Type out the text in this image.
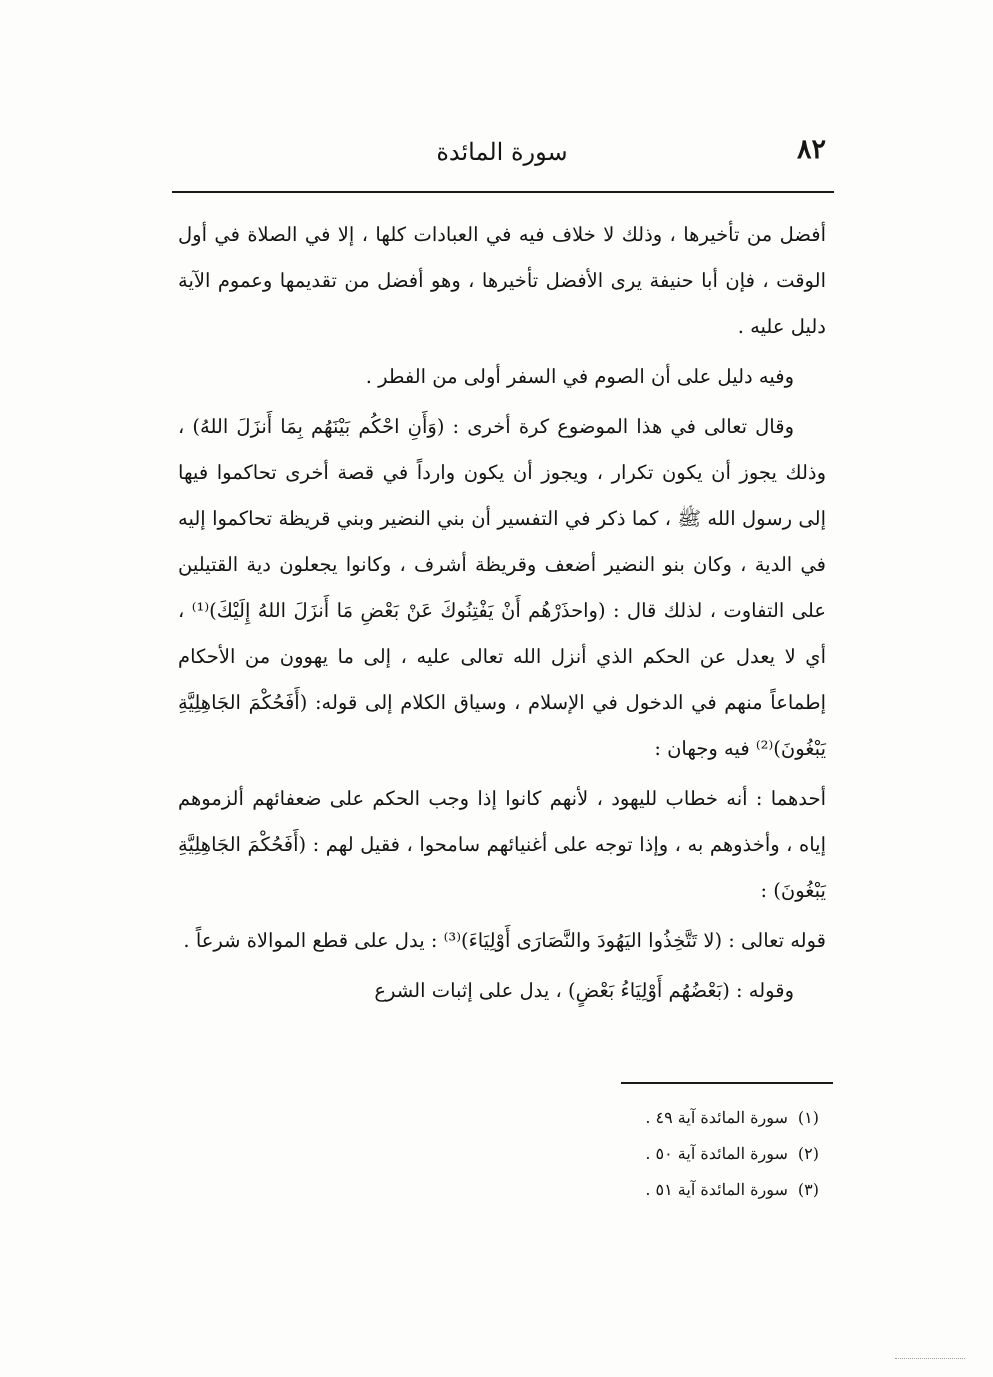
٨٢
سورة المائدة

أفضل من تأخيرها ، وذلك لا خلاف فيه في العبادات كلها ، إلا في الصلاة في أول الوقت ، فإن أبا حنيفة يرى الأفضل تأخيرها ، وهو أفضل من تقديمها وعموم الآية دليل عليه .

وفيه دليل على أن الصوم في السفر أولى من الفطر .

وقال تعالى في هذا الموضوع كرة أخرى : (وَأَنِ احْكُم بَيْنَهُم بِمَا أَنزَلَ اللهُ) ، وذلك يجوز أن يكون تكرار ، ويجوز أن يكون وارداً في قصة أخرى تحاكموا فيها إلى رسول الله ﷺ ، كما ذكر في التفسير أن بني النضير وبني قريظة تحاكموا إليه في الدية ، وكان بنو النضير أضعف وقريظة أشرف ، وكانوا يجعلون دية القتيلين على التفاوت ، لذلك قال : (واحذَرْهُم أَنْ يَفْتِنُوكَ عَنْ بَعْضِ مَا أَنزَلَ اللهُ إِلَيْكَ)⁽¹⁾ ، أي لا يعدل عن الحكم الذي أنزل الله تعالى عليه ، إلى ما يهوون من الأحكام إطماعاً منهم في الدخول في الإسلام ، وسياق الكلام إلى قوله: (أَفَحُكْمَ الجَاهِلِيَّةِ يَبْغُونَ)⁽²⁾ فيه وجهان :

أحدهما : أنه خطاب لليهود ، لأنهم كانوا إذا وجب الحكم على ضعفائهم ألزموهم إياه ، وأخذوهم به ، وإذا توجه على أغنيائهم سامحوا ، فقيل لهم : (أَفَحُكْمَ الجَاهِلِيَّةِ يَبْغُونَ) :

قوله تعالى : (لا تَتَّخِذُوا اليَهُودَ والنَّصَارَى أَوْلِيَاءَ)⁽³⁾ : يدل على قطع الموالاة شرعاً .

وقوله : (بَعْضُهُم أَوْلِيَاءُ بَعْضٍ) ، يدل على إثبات الشرع

(١)سورة المائدة آية ٤٩ .

(٢)سورة المائدة آية ٥٠ .

(٣)سورة المائدة آية ٥١ .
